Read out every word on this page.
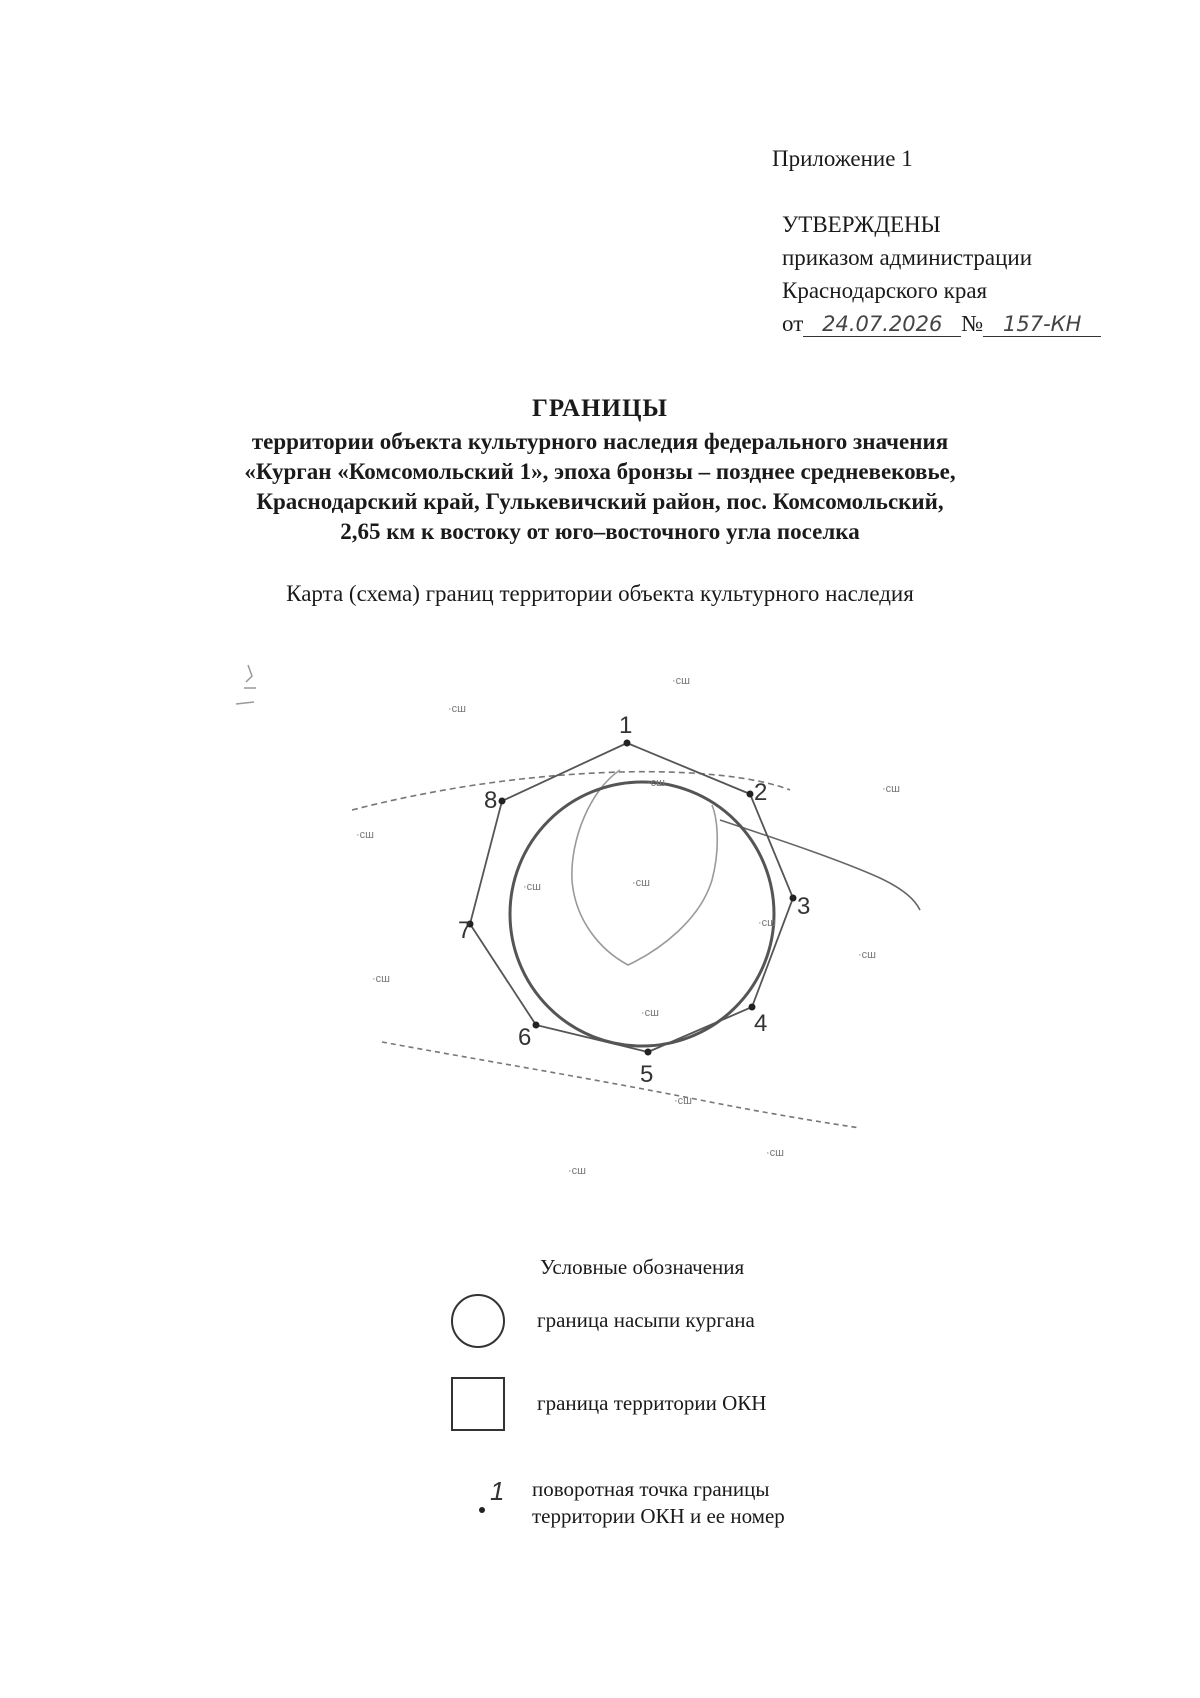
Приложение 1
УТВЕРЖДЕНЫ
приказом администрации
Краснодарского края
от 24.07.2026 № 157-КН
ГРАНИЦЫ
территории объекта культурного наследия федерального значения
«Курган «Комсомольский 1», эпоха бронзы – позднее средневековье,
Краснодарский край, Гулькевичский район, пос. Комсомольский,
2,65 км к востоку от юго–восточного угла поселка
Карта (схема) границ территории объекта культурного наследия
1
2
3
4
5
6
7
8
·сш
·сш
·сш	·сш
·сш
·сш	·сш
·сш
·сш
·сш
·сш
·сш
·сш
·сш
1
Условные обозначения
граница насыпи кургана
граница территории ОКН
поворотная точка границы
территории ОКН и ее номер
